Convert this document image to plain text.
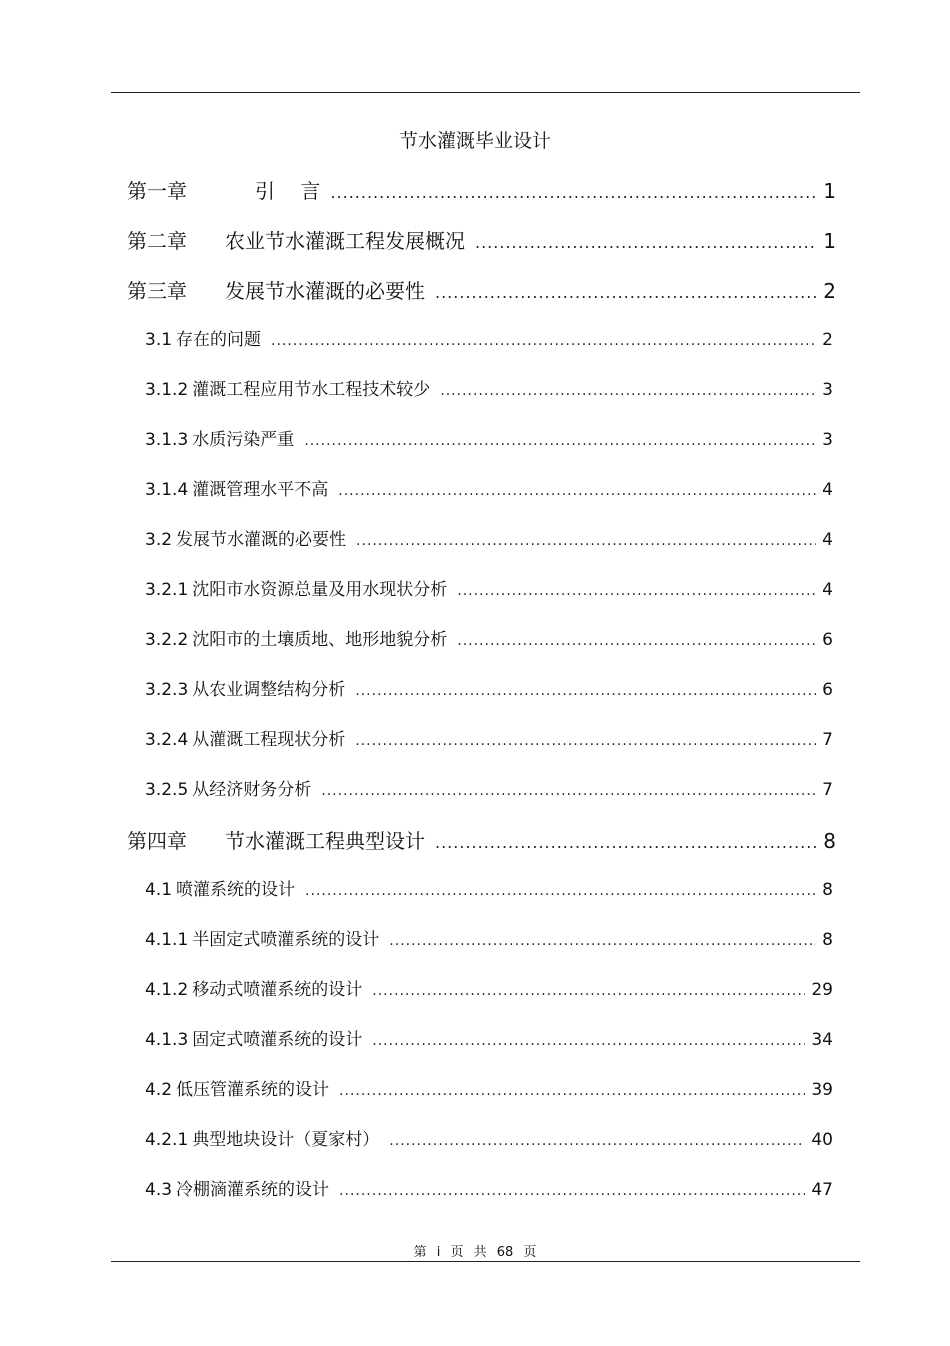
节水灌溉毕业设计
第一章	引    言 .....	1
第二章	农业节水灌溉工程发展概况 .....	1
第三章	发展节水灌溉的必要性 .....	2
3.1 存在的问题 .....	2
3.1.2 灌溉工程应用节水工程技术较少 .....	3
3.1.3 水质污染严重 .....	3
3.1.4 灌溉管理水平不高 .....	4
3.2 发展节水灌溉的必要性 .....	4
3.2.1 沈阳市水资源总量及用水现状分析 .....	4
3.2.2 沈阳市的土壤质地、地形地貌分析 .....	6
3.2.3 从农业调整结构分析 .....	6
3.2.4 从灌溉工程现状分析 .....	7
3.2.5 从经济财务分析 .....	7
第四章	节水灌溉工程典型设计 .....	8
4.1 喷灌系统的设计 .....	8
4.1.1 半固定式喷灌系统的设计 .....	8
4.1.2 移动式喷灌系统的设计 .....	29
4.1.3 固定式喷灌系统的设计 .....	34
4.2 低压管灌系统的设计 .....	39
4.2.1 典型地块设计（夏家村） .....	40
4.3 冷棚滴灌系统的设计 .....	47
第 i 页 共 68 页
